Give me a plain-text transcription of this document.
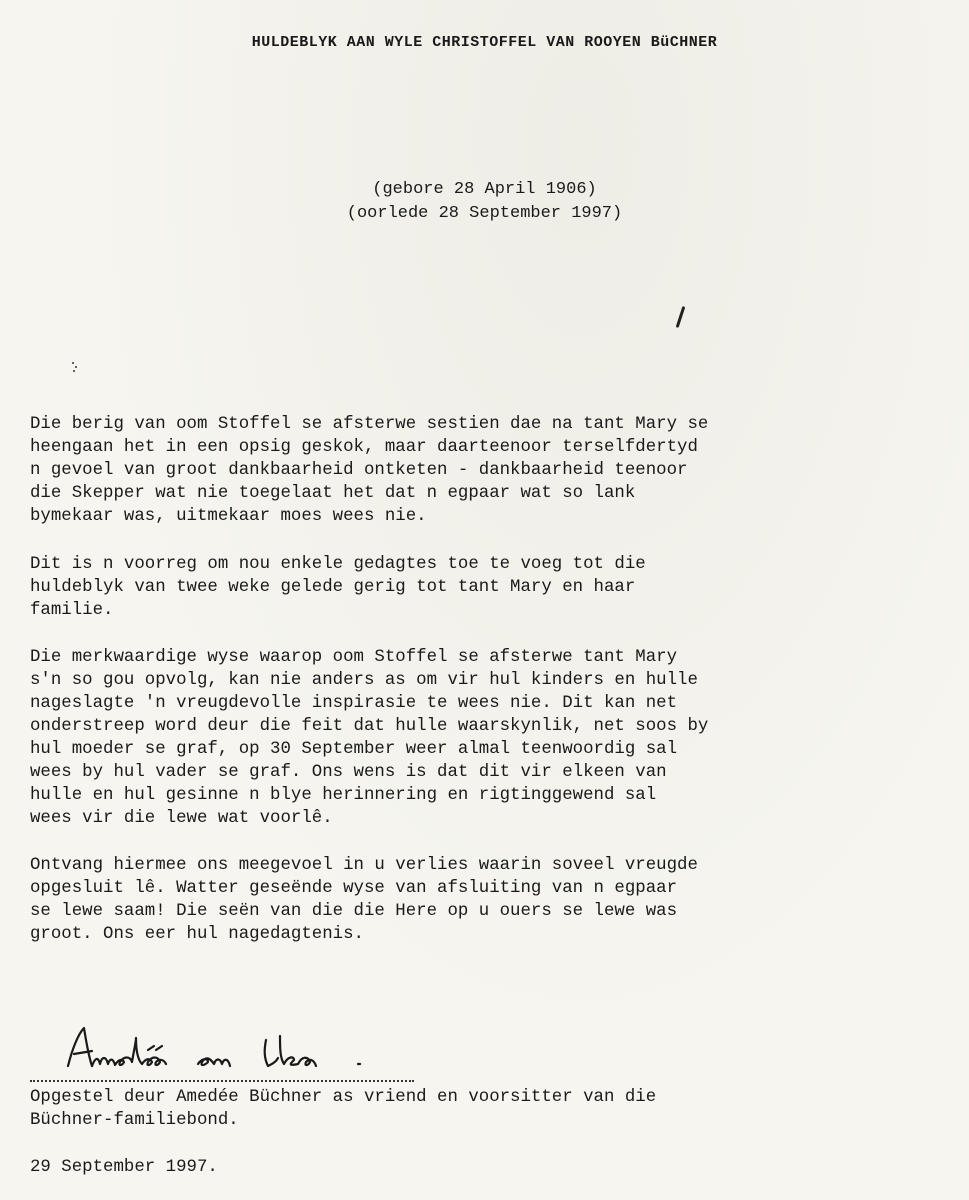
HULDEBLYK AAN WYLE CHRISTOFFEL VAN ROOYEN BüCHNER
(gebore 28 April 1906)
(oorlede 28 September 1997)
Die berig van oom Stoffel se afsterwe sestien dae na tant Mary se
heengaan het in een opsig geskok, maar daarteenoor terselfdertyd
n gevoel van groot dankbaarheid ontketen - dankbaarheid teenoor
die Skepper wat nie toegelaat het dat n egpaar wat so lank
bymekaar was, uitmekaar moes wees nie.
Dit is n voorreg om nou enkele gedagtes toe te voeg tot die
huldeblyk van twee weke gelede gerig tot tant Mary en haar
familie.
Die merkwaardige wyse waarop oom Stoffel se afsterwe tant Mary
s'n so gou opvolg, kan nie anders as om vir hul kinders en hulle
nageslagte 'n vreugdevolle inspirasie te wees nie. Dit kan net
onderstreep word deur die feit dat hulle waarskynlik, net soos by
hul moeder se graf, op 30 September weer almal teenwoordig sal
wees by hul vader se graf. Ons wens is dat dit vir elkeen van
hulle en hul gesinne n blye herinnering en rigtinggewend sal
wees vir die lewe wat voorlê.
Ontvang hiermee ons meegevoel in u verlies waarin soveel vreugde
opgesluit lê. Watter geseënde wyse van afsluiting van n egpaar
se lewe saam! Die seën van die die Here op u ouers se lewe was
groot. Ons eer hul nagedagtenis.
Opgestel deur Amedée Büchner as vriend en voorsitter van die
Büchner-familiebond.
29 September 1997.
